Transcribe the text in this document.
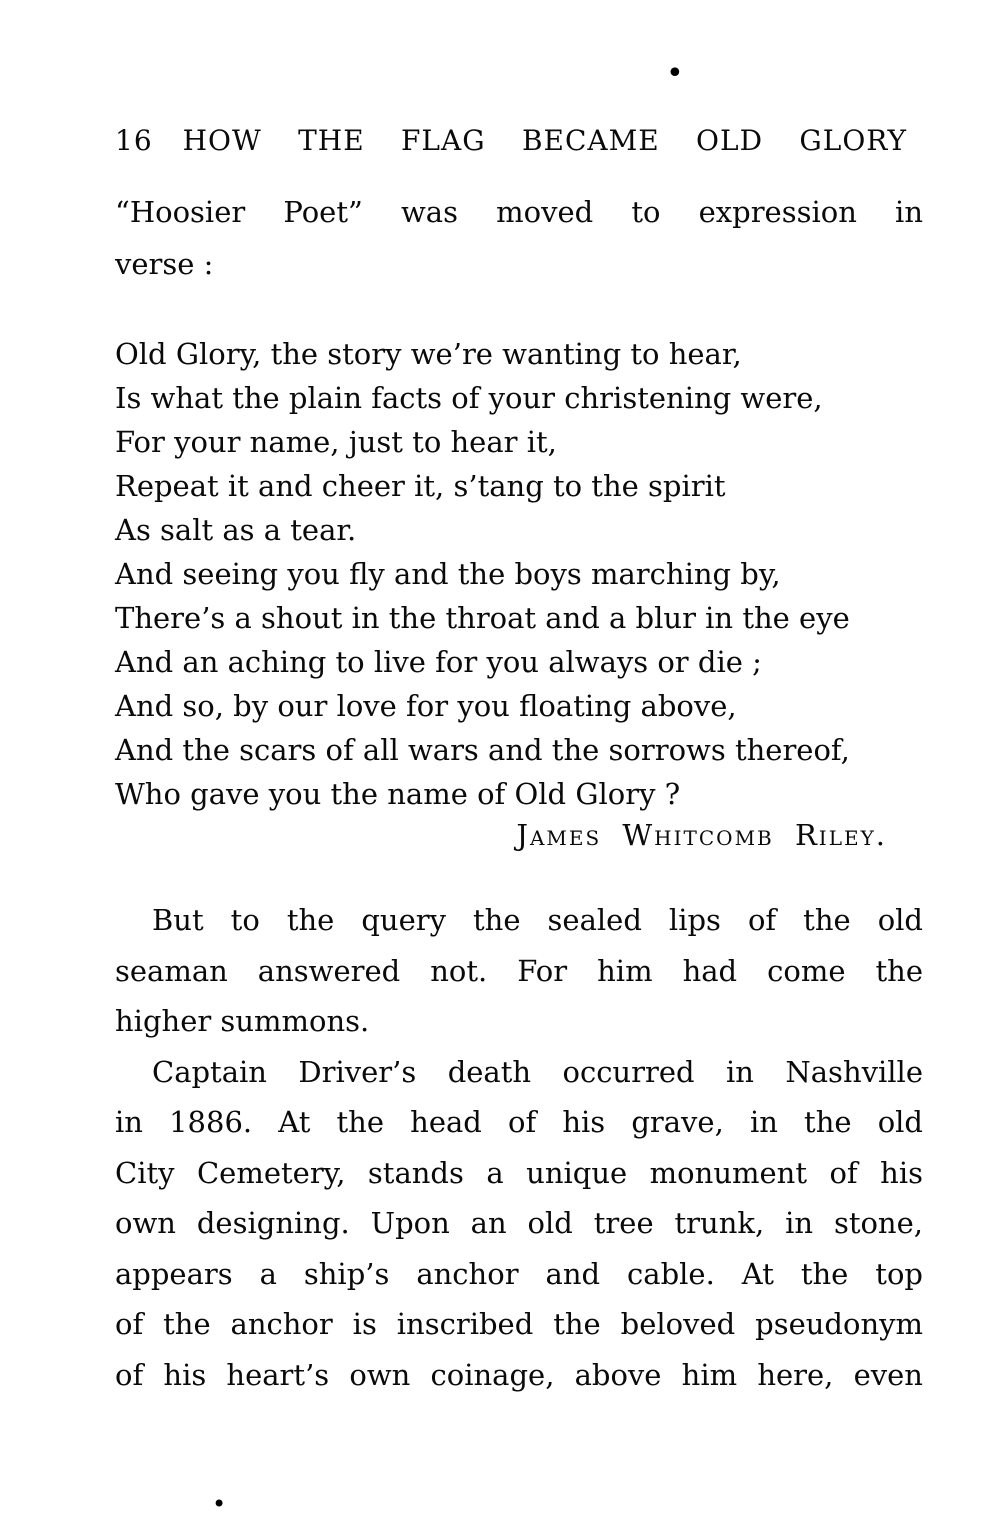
•
16 HOW THE FLAG BECAME OLD GLORY
“Hoosier Poet” was moved to expression in
verse :
Old Glory, the story we’re wanting to hear,
Is what the plain facts of your christening were,
For your name, just to hear it,
Repeat it and cheer it, s’tang to the spirit
As salt as a tear.
And seeing you fly and the boys marching by,
There’s a shout in the throat and a blur in the eye
And an aching to live for you always or die ;
And so, by our love for you floating above,
And the scars of all wars and the sorrows thereof,
Who gave you the name of Old Glory ?
James Whitcomb Riley.
But to the query the sealed lips of the old
seaman answered not. For him had come the
higher summons.
Captain Driver’s death occurred in Nashville
in 1886. At the head of his grave, in the old
City Cemetery, stands a unique monument of his
own designing. Upon an old tree trunk, in stone,
appears a ship’s anchor and cable. At the top
of the anchor is inscribed the beloved pseudonym
of his heart’s own coinage, above him here, even
•
